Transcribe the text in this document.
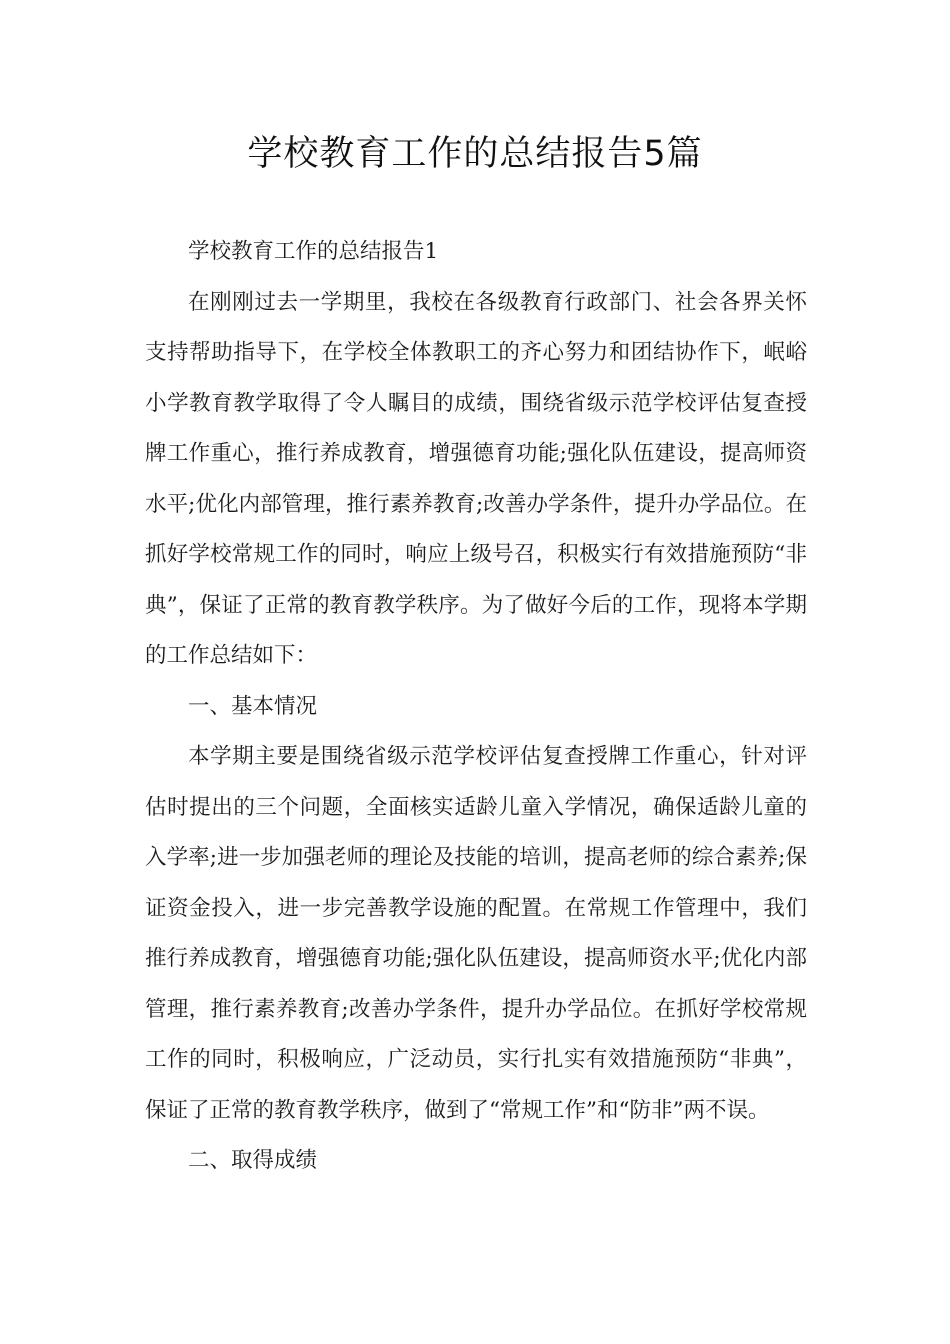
学校教育工作的总结报告5篇

学校教育工作的总结报告1

在刚刚过去一学期里，我校在各级教育行政部门、社会各界关怀支持帮助指导下，在学校全体教职工的齐心努力和团结协作下，岷峪小学教育教学取得了令人瞩目的成绩，围绕省级示范学校评估复查授牌工作重心，推行养成教育，增强德育功能;强化队伍建设，提高师资水平;优化内部管理，推行素养教育;改善办学条件，提升办学品位。在抓好学校常规工作的同时，响应上级号召，积极实行有效措施预防“非典”，保证了正常的教育教学秩序。为了做好今后的工作，现将本学期的工作总结如下：

一、基本情况

本学期主要是围绕省级示范学校评估复查授牌工作重心，针对评估时提出的三个问题，全面核实适龄儿童入学情况，确保适龄儿童的入学率;进一步加强老师的理论及技能的培训，提高老师的综合素养;保证资金投入，进一步完善教学设施的配置。在常规工作管理中，我们推行养成教育，增强德育功能;强化队伍建设，提高师资水平;优化内部管理，推行素养教育;改善办学条件，提升办学品位。在抓好学校常规工作的同时，积极响应，广泛动员，实行扎实有效措施预防“非典”，保证了正常的教育教学秩序，做到了“常规工作”和“防非”两不误。

二、取得成绩
